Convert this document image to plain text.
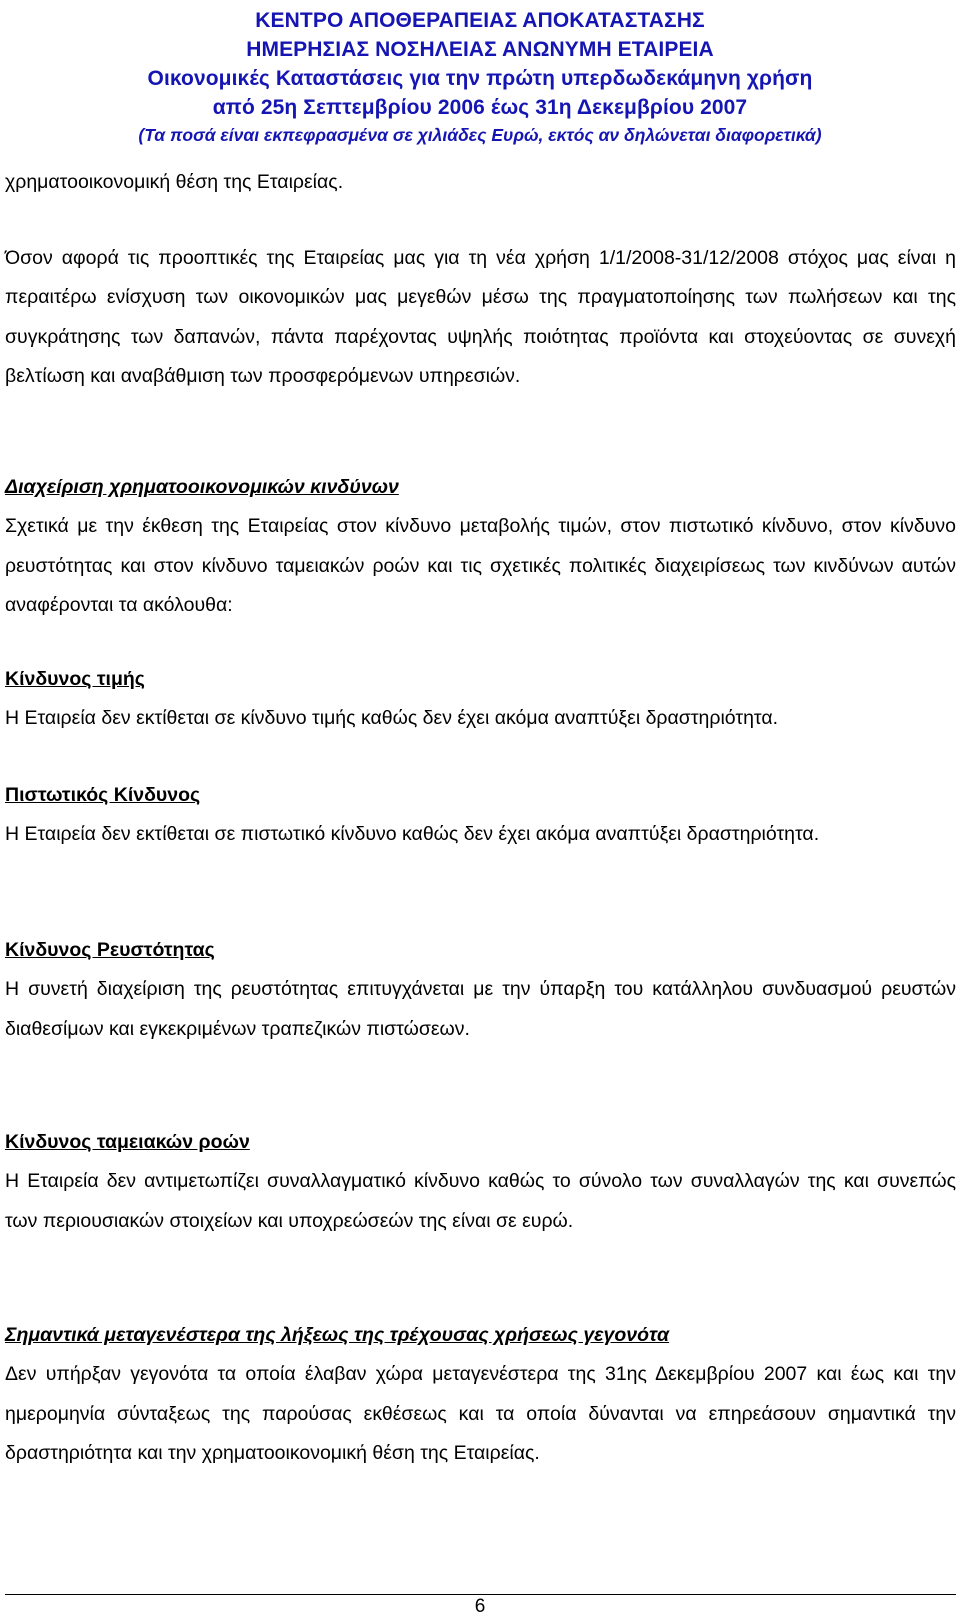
ΚΕΝΤΡΟ ΑΠΟΘΕΡΑΠΕΙΑΣ ΑΠΟΚΑΤΑΣΤΑΣΗΣ
ΗΜΕΡΗΣΙΑΣ ΝΟΣΗΛΕΙΑΣ ΑΝΩΝΥΜΗ ΕΤΑΙΡΕΙΑ
Οικονομικές Καταστάσεις για την πρώτη υπερδωδεκάμηνη χρήση
από 25η Σεπτεμβρίου 2006 έως 31η Δεκεμβρίου 2007
(Τα ποσά είναι εκπεφρασμένα σε χιλιάδες Ευρώ, εκτός αν δηλώνεται διαφορετικά)

χρηματοοικονομική θέση της Εταιρείας.

Όσον αφορά τις προοπτικές της Εταιρείας μας για τη νέα χρήση 1/1/2008-31/12/2008 στόχος μας είναι η περαιτέρω ενίσχυση των οικονομικών μας μεγεθών μέσω της πραγματοποίησης των πωλήσεων και της συγκράτησης των δαπανών, πάντα παρέχοντας υψηλής ποιότητας προϊόντα και στοχεύοντας σε συνεχή βελτίωση και αναβάθμιση των προσφερόμενων υπηρεσιών.

Διαχείριση χρηματοοικονομικών κινδύνων

Σχετικά με την έκθεση της Εταιρείας στον κίνδυνο μεταβολής τιμών, στον πιστωτικό κίνδυνο, στον κίνδυνο ρευστότητας και στον κίνδυνο ταμειακών ροών και τις σχετικές πολιτικές διαχειρίσεως των κινδύνων αυτών αναφέρονται τα ακόλουθα:

Κίνδυνος τιμής

Η Εταιρεία δεν εκτίθεται σε κίνδυνο τιμής καθώς δεν έχει ακόμα αναπτύξει δραστηριότητα.

Πιστωτικός Κίνδυνος

Η Εταιρεία δεν εκτίθεται σε πιστωτικό κίνδυνο καθώς δεν έχει ακόμα αναπτύξει δραστηριότητα.

Κίνδυνος Ρευστότητας

Η συνετή διαχείριση της ρευστότητας επιτυγχάνεται με την ύπαρξη του κατάλληλου συνδυασμού ρευστών διαθεσίμων και εγκεκριμένων τραπεζικών πιστώσεων.

Κίνδυνος ταμειακών ροών

Η Εταιρεία δεν αντιμετωπίζει συναλλαγματικό κίνδυνο καθώς το σύνολο των συναλλαγών της και συνεπώς των περιουσιακών στοιχείων και υποχρεώσεών της είναι σε ευρώ.

Σημαντικά μεταγενέστερα της λήξεως της τρέχουσας χρήσεως γεγονότα

Δεν υπήρξαν γεγονότα τα οποία έλαβαν χώρα μεταγενέστερα της 31ης Δεκεμβρίου 2007 και έως και την ημερομηνία σύνταξεως της παρούσας εκθέσεως και τα οποία δύνανται να επηρεάσουν σημαντικά την δραστηριότητα και την χρηματοοικονομική θέση της Εταιρείας.

6
